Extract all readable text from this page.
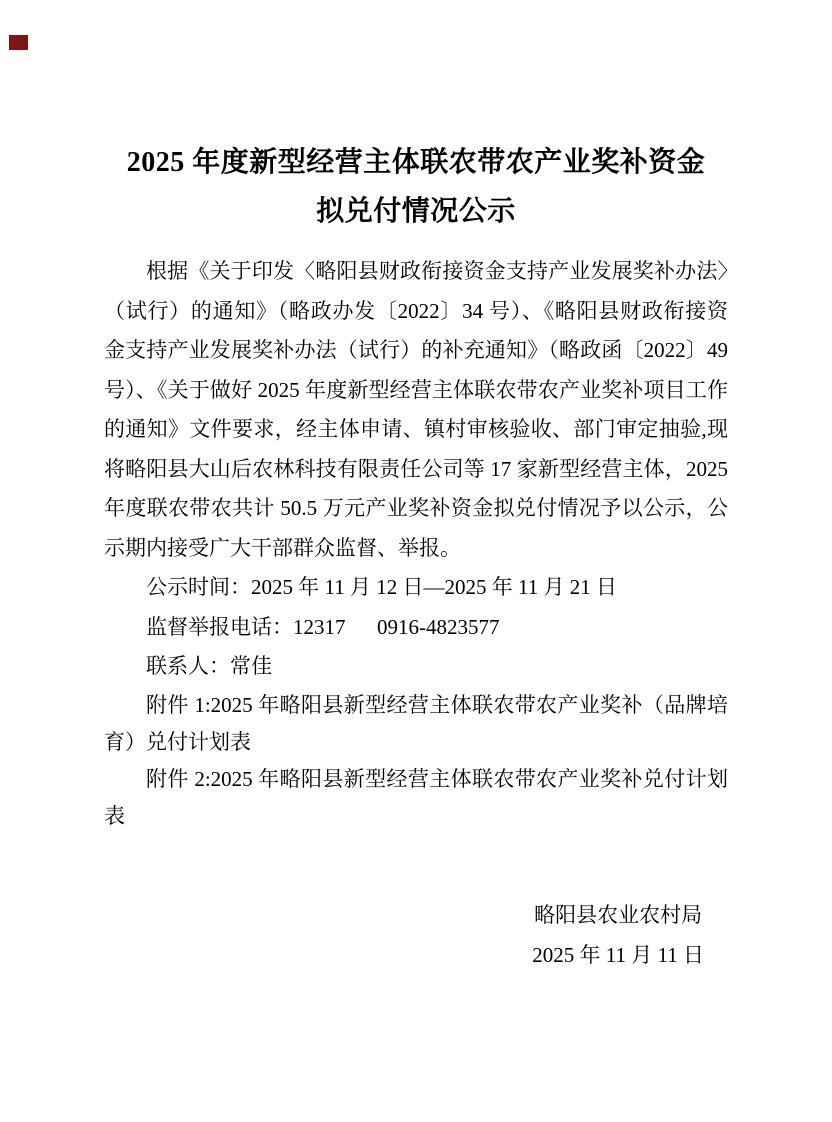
2025 年度新型经营主体联农带农产业奖补资金
拟兑付情况公示

根据《关于印发〈略阳县财政衔接资金支持产业发展奖补办法〉（试行）的通知》（略政办发〔2022〕34 号）、《略阳县财政衔接资金支持产业发展奖补办法（试行）的补充通知》（略政函〔2022〕49 号）、《关于做好 2025 年度新型经营主体联农带农产业奖补项目工作的通知》文件要求，经主体申请、镇村审核验收、部门审定抽验,现将略阳县大山后农林科技有限责任公司等 17 家新型经营主体，2025 年度联农带农共计 50.5 万元产业奖补资金拟兑付情况予以公示，公示期内接受广大干部群众监督、举报。

公示时间：2025 年 11 月 12 日—2025 年 11 月 21 日

监督举报电话：12317      0916-4823577

联系人：常佳

附件 1:2025 年略阳县新型经营主体联农带农产业奖补（品牌培育）兑付计划表

附件 2:2025 年略阳县新型经营主体联农带农产业奖补兑付计划表

略阳县农业农村局
2025 年 11 月 11 日
